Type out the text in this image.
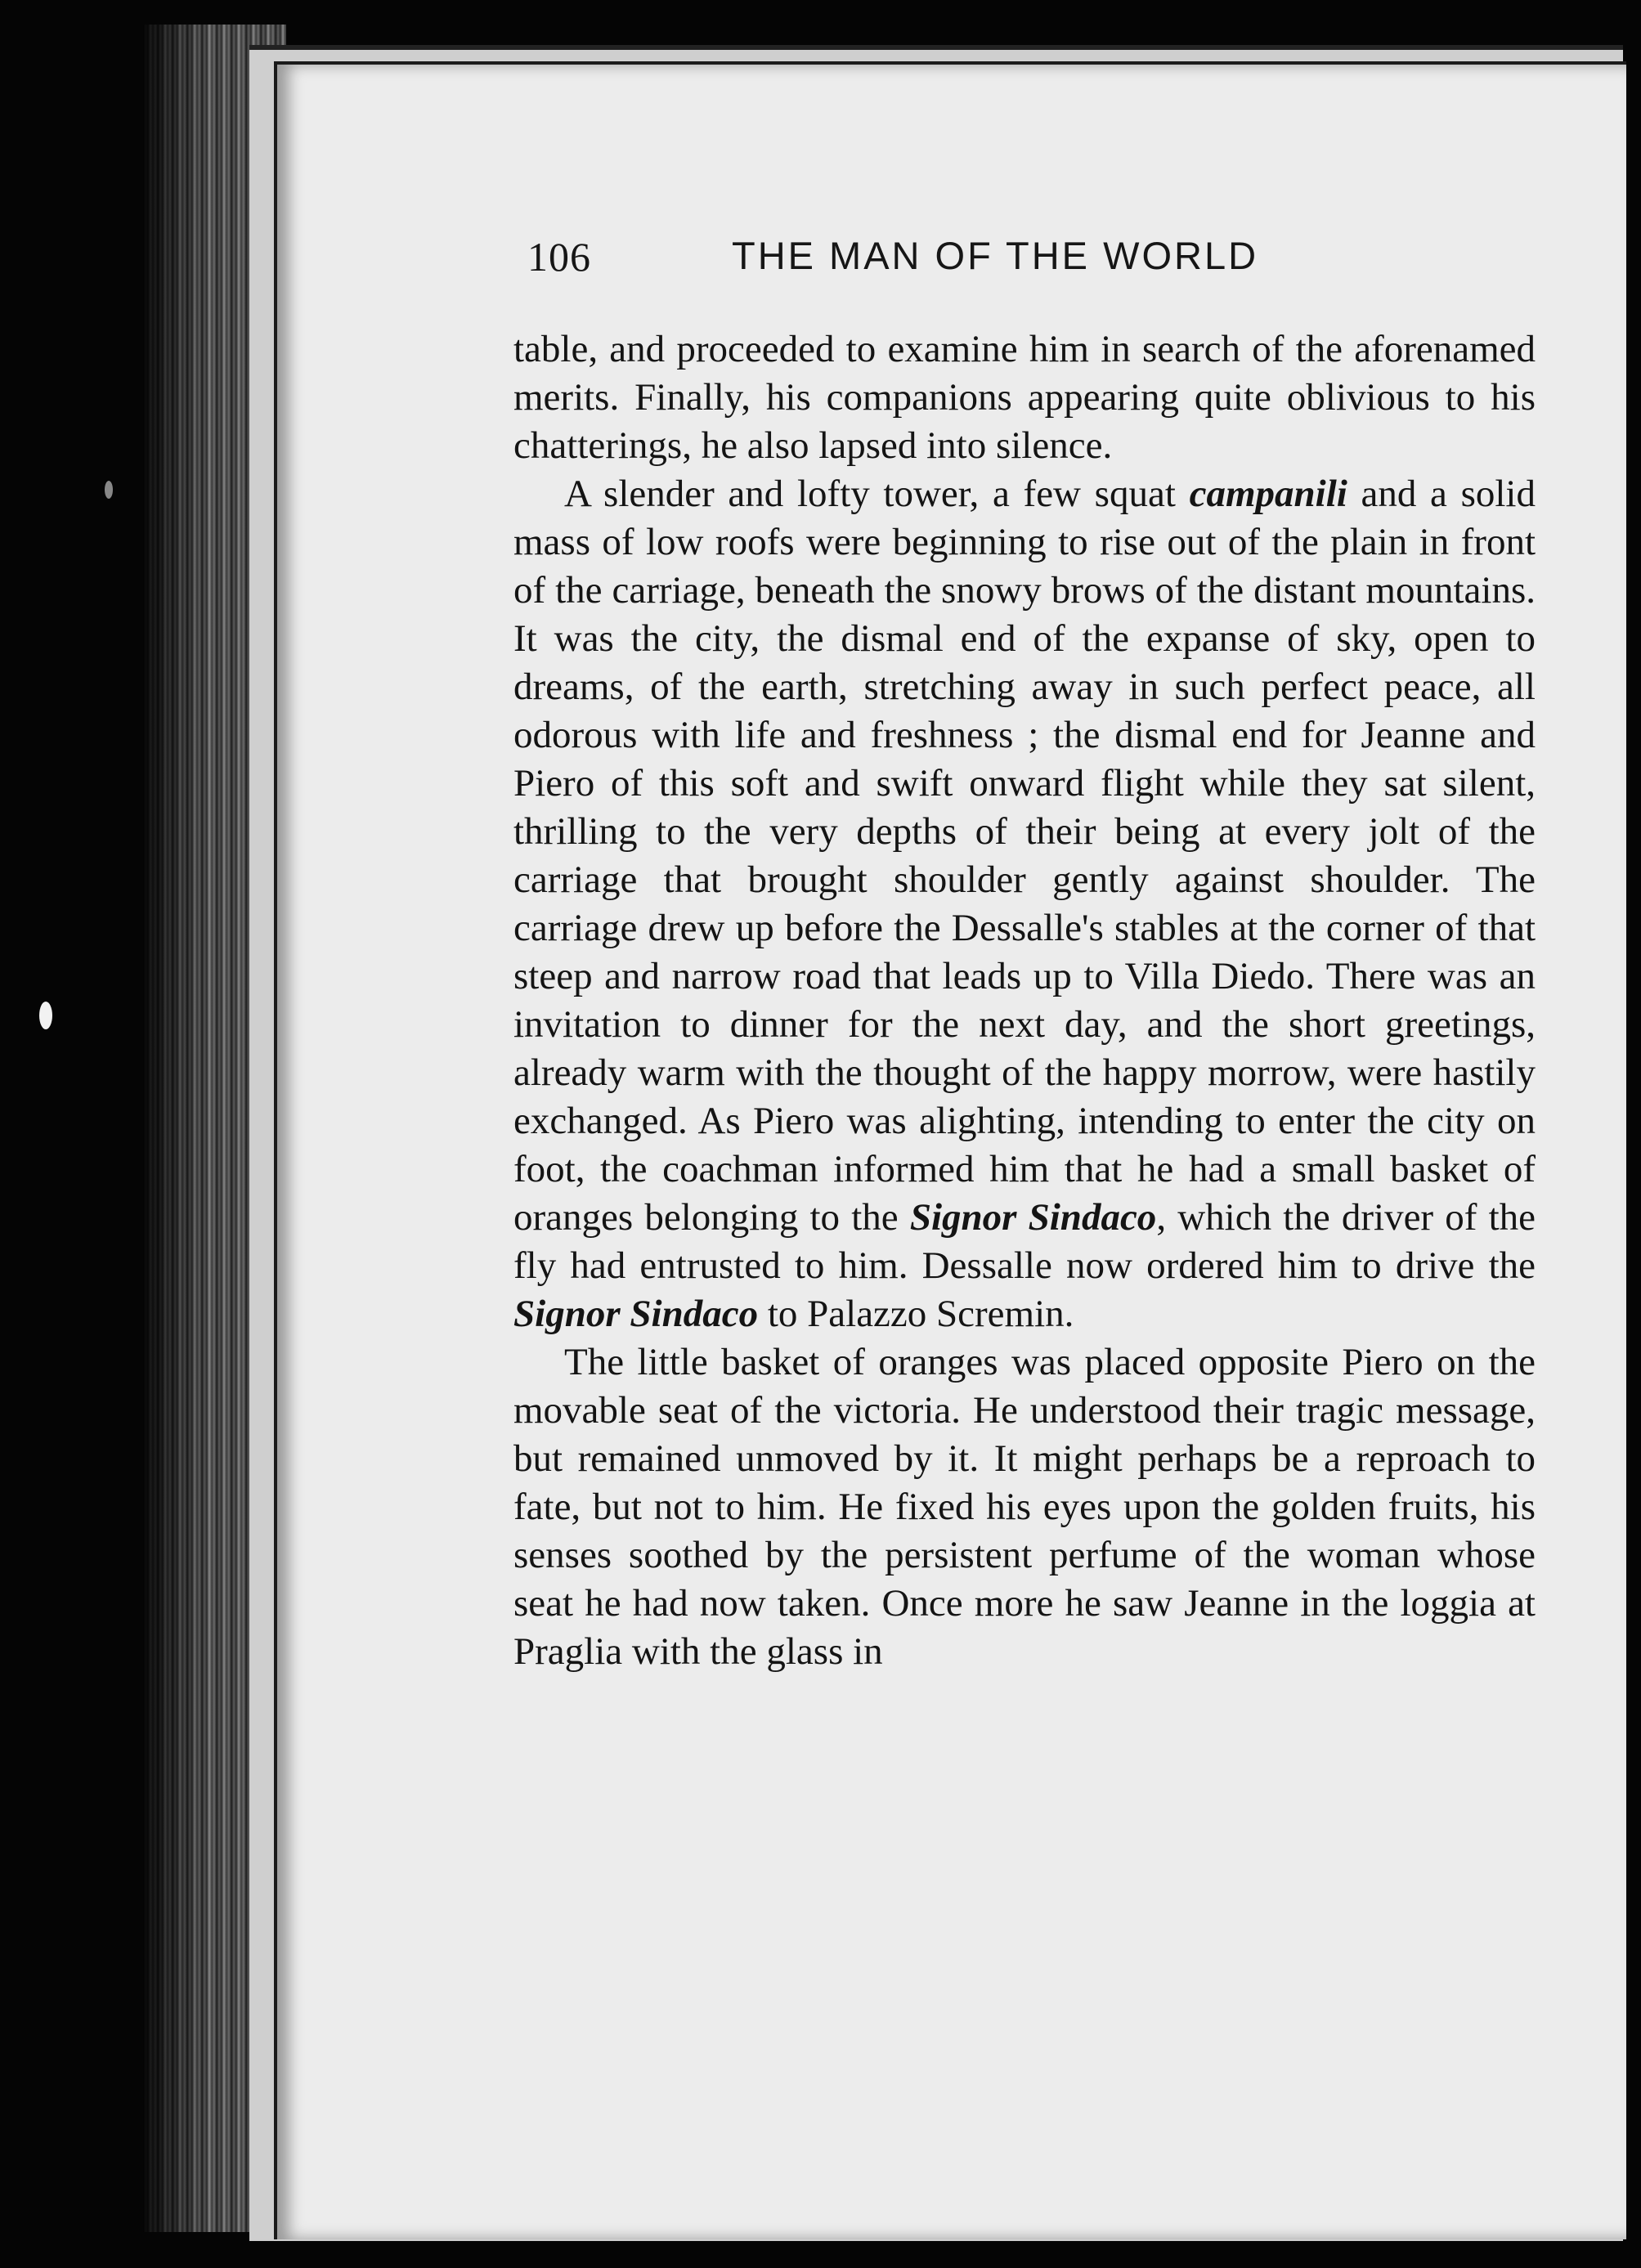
106	THE MAN OF THE WORLD

table, and proceeded to examine him in search of the aforenamed merits. Finally, his companions appearing quite oblivious to his chatterings, he also lapsed into silence.

A slender and lofty tower, a few squat campanili and a solid mass of low roofs were beginning to rise out of the plain in front of the carriage, beneath the snowy brows of the distant mountains. It was the city, the dismal end of the expanse of sky, open to dreams, of the earth, stretching away in such perfect peace, all odorous with life and freshness ; the dismal end for Jeanne and Piero of this soft and swift onward flight while they sat silent, thrilling to the very depths of their being at every jolt of the carriage that brought shoulder gently against shoulder. The carriage drew up before the Dessalle's stables at the corner of that steep and narrow road that leads up to Villa Diedo. There was an invitation to dinner for the next day, and the short greetings, already warm with the thought of the happy morrow, were hastily exchanged. As Piero was alighting, intending to enter the city on foot, the coachman informed him that he had a small basket of oranges belonging to the Signor Sindaco, which the driver of the fly had entrusted to him. Dessalle now ordered him to drive the Signor Sindaco to Palazzo Scremin.

The little basket of oranges was placed opposite Piero on the movable seat of the victoria. He understood their tragic message, but remained unmoved by it. It might perhaps be a reproach to fate, but not to him. He fixed his eyes upon the golden fruits, his senses soothed by the persistent perfume of the woman whose seat he had now taken. Once more he saw Jeanne in the loggia at Praglia with the glass in
